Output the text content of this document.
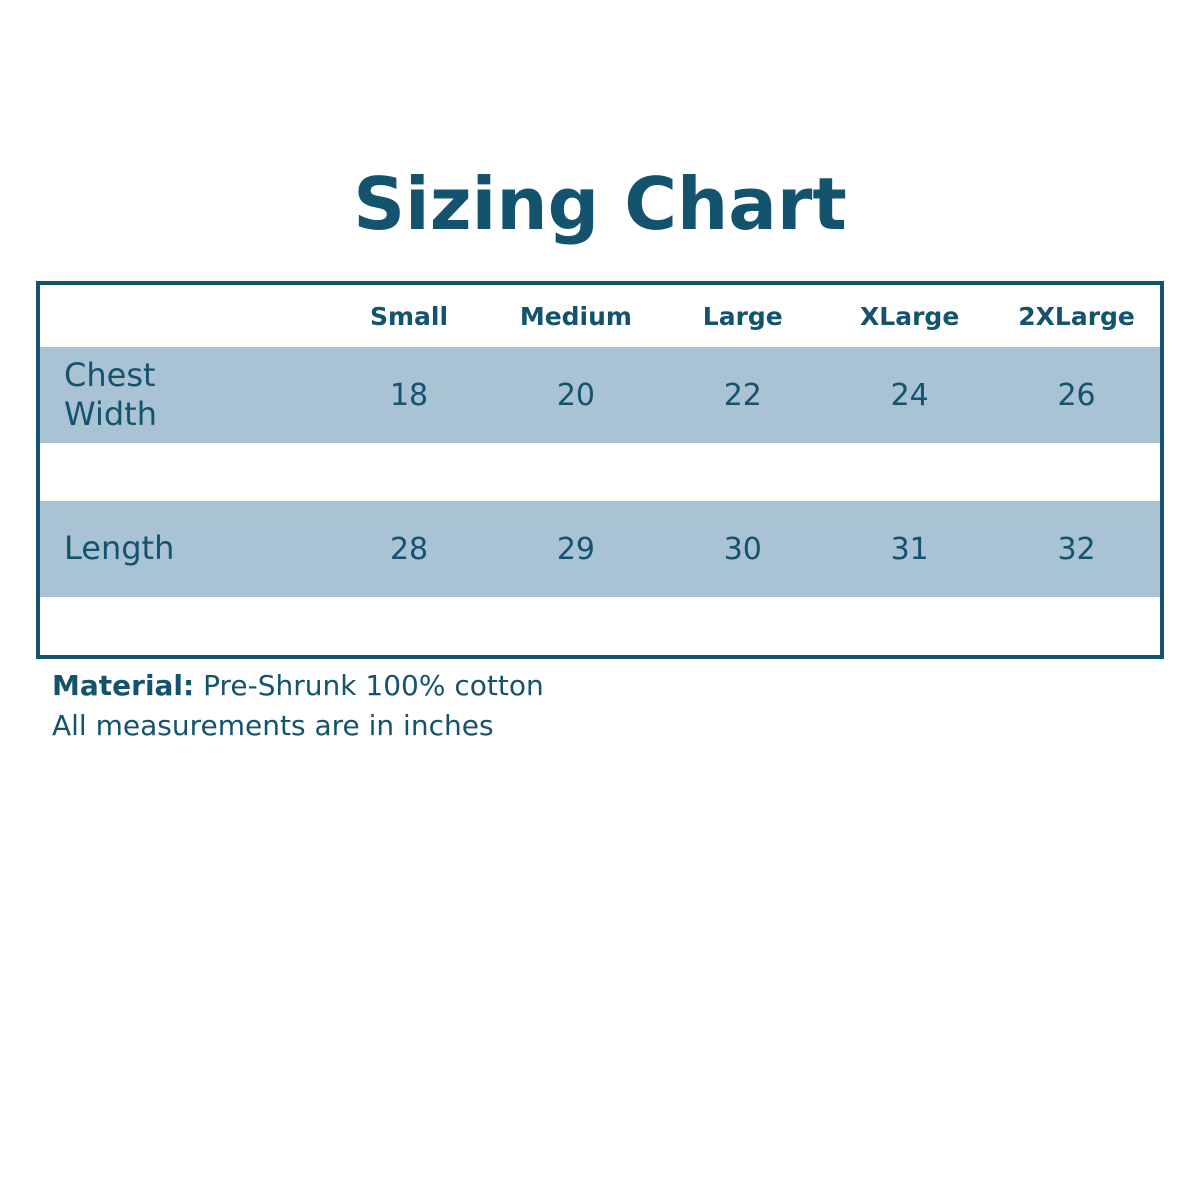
Sizing Chart
	Small	Medium	Large	XLarge	2XLarge

Chest
Width	18	20	22	24	26

Length	28	29	30	31	32

Material: Pre-Shrunk 100% cotton
All measurements are in inches
